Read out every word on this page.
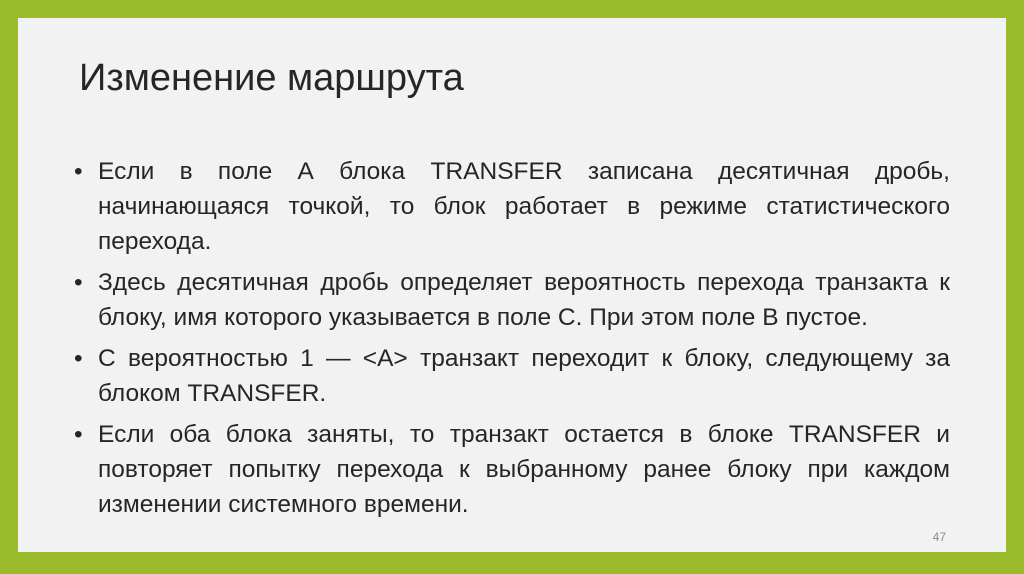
Изменение маршрута
• Если в поле А блока TRANSFER записана десятичная дробь, начинающаяся точкой, то блок работает в режиме статистического перехода.
• Здесь десятичная дробь определяет вероятность перехода транзакта к блоку, имя которого указывается в поле С. При этом поле В пустое.
• С вероятностью 1 — <A> транзакт переходит к блоку, следующему за блоком TRANSFER.
• Если оба блока заняты, то транзакт остается в блоке TRANSFER и повторяет попытку перехода к выбранному ранее блоку при каждом изменении системного времени.
47
